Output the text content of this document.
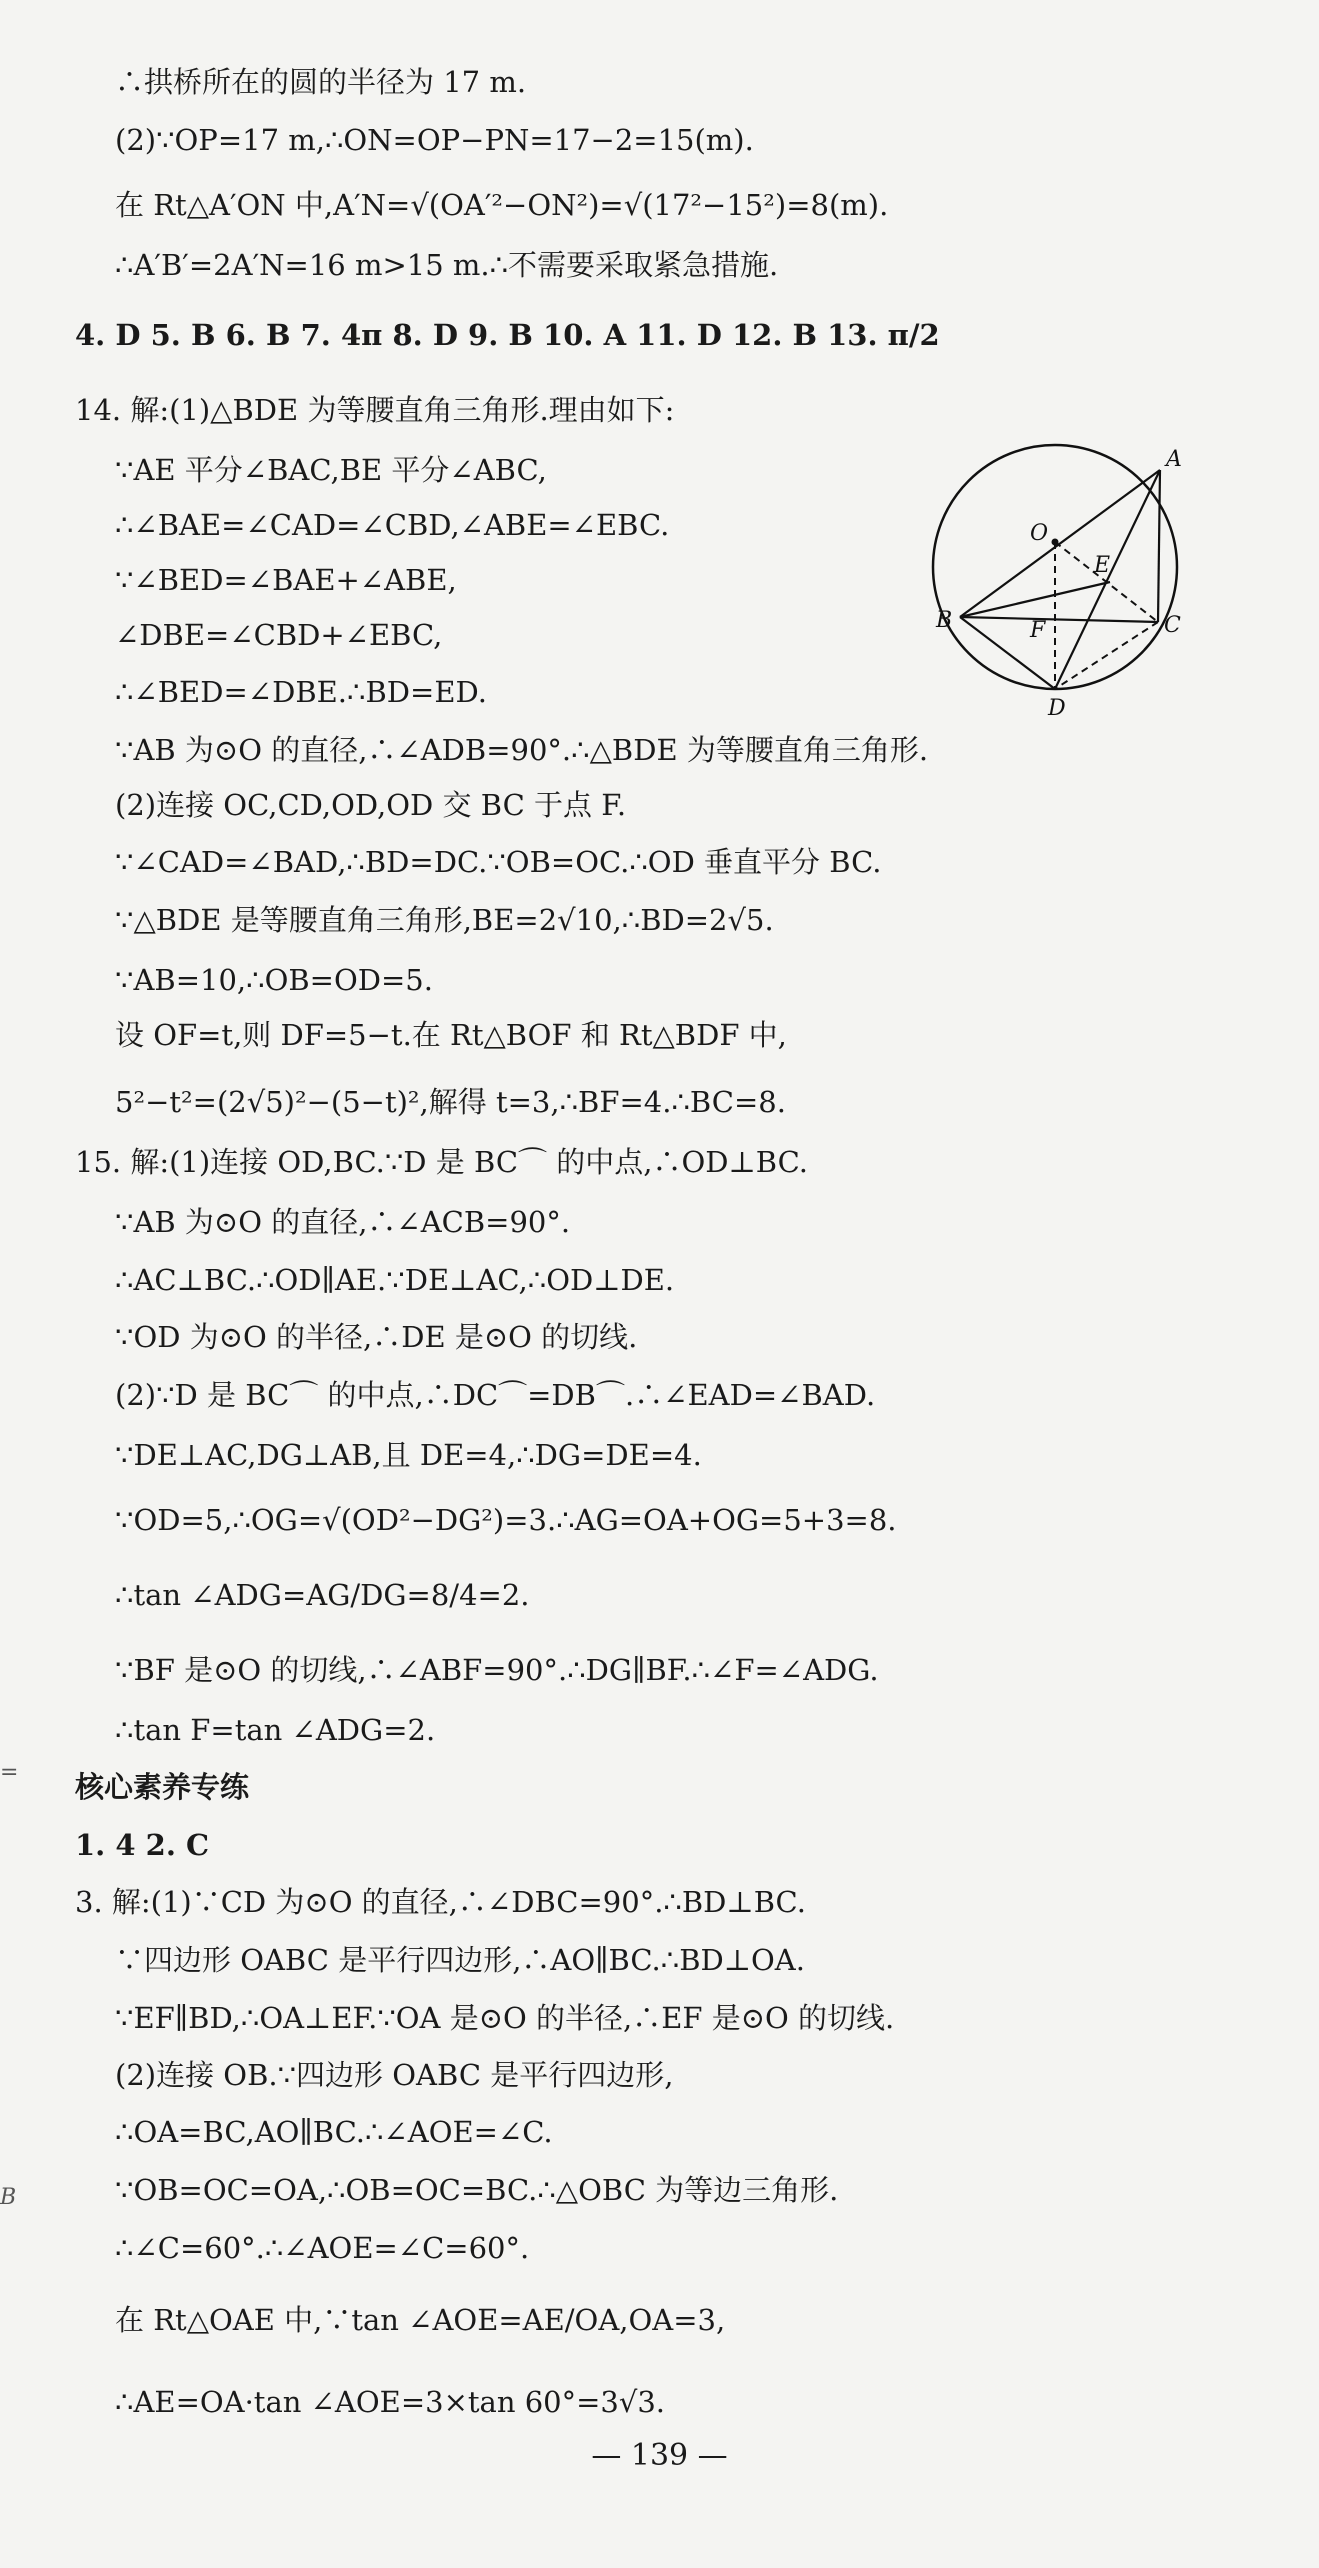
∴拱桥所在的圆的半径为 17 m.
(2)∵OP=17 m,∴ON=OP−PN=17−2=15(m).
在 Rt△A′ON 中,A′N=√(OA′²−ON²)=√(17²−15²)=8(m).
∴A′B′=2A′N=16 m>15 m.∴不需要采取紧急措施.
4. D 5. B 6. B 7. 4π 8. D 9. B 10. A 11. D 12. B 13. π/2
14. 解:(1)△BDE 为等腰直角三角形.理由如下:
∵AE 平分∠BAC,BE 平分∠ABC,
∴∠BAE=∠CAD=∠CBD,∠ABE=∠EBC.
∵∠BED=∠BAE+∠ABE,
∠DBE=∠CBD+∠EBC,
∴∠BED=∠DBE.∴BD=ED.
∵AB 为⊙O 的直径,∴∠ADB=90°.∴△BDE 为等腰直角三角形.
(2)连接 OC,CD,OD,OD 交 BC 于点 F.
∵∠CAD=∠BAD,∴BD=DC.∵OB=OC.∴OD 垂直平分 BC.
∵△BDE 是等腰直角三角形,BE=2√10,∴BD=2√5.
∵AB=10,∴OB=OD=5.
设 OF=t,则 DF=5−t.在 Rt△BOF 和 Rt△BDF 中,
5²−t²=(2√5)²−(5−t)²,解得 t=3,∴BF=4.∴BC=8.
15. 解:(1)连接 OD,BC.∵D 是 BC⌒ 的中点,∴OD⊥BC.
∵AB 为⊙O 的直径,∴∠ACB=90°.
∴AC⊥BC.∴OD∥AE.∵DE⊥AC,∴OD⊥DE.
∵OD 为⊙O 的半径,∴DE 是⊙O 的切线.
(2)∵D 是 BC⌒ 的中点,∴DC⌒=DB⌒.∴∠EAD=∠BAD.
∵DE⊥AC,DG⊥AB,且 DE=4,∴DG=DE=4.
∵OD=5,∴OG=√(OD²−DG²)=3.∴AG=OA+OG=5+3=8.
∴tan ∠ADG=AG/DG=8/4=2.
∵BF 是⊙O 的切线,∴∠ABF=90°.∴DG∥BF.∴∠F=∠ADG.
∴tan F=tan ∠ADG=2.
核心素养专练
1. 4 2. C
3. 解:(1)∵CD 为⊙O 的直径,∴∠DBC=90°.∴BD⊥BC.
∵四边形 OABC 是平行四边形,∴AO∥BC.∴BD⊥OA.
∵EF∥BD,∴OA⊥EF.∵OA 是⊙O 的半径,∴EF 是⊙O 的切线.
(2)连接 OB.∵四边形 OABC 是平行四边形,
∴OA=BC,AO∥BC.∴∠AOE=∠C.
∵OB=OC=OA,∴OB=OC=BC.∴△OBC 为等边三角形.
∴∠C=60°.∴∠AOE=∠C=60°.
在 Rt△OAE 中,∵tan ∠AOE=AE/OA,OA=3,
∴AE=OA·tan ∠AOE=3×tan 60°=3√3.
=
B
A
O
E
B	F	C
D
— 139 —
